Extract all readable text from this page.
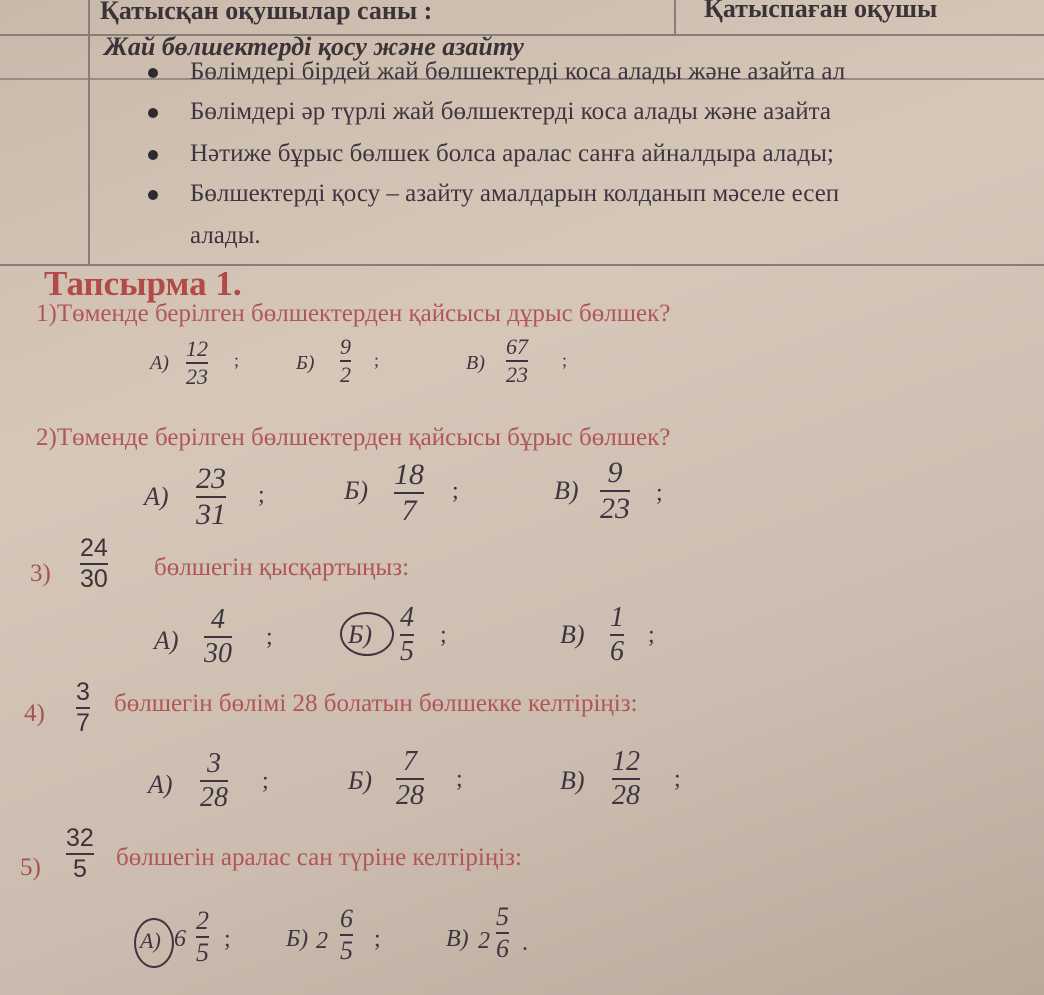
Қатысқан оқушылар саны :	Қатыспаған оқушы
Жай бөлшектерді қосу және азайту
Бөлімдері бірдей жай бөлшектерді коса алады және азайта ал
Бөлімдері әр түрлі жай бөлшектерді коса алады және азайта
Нәтиже бұрыс бөлшек болса аралас санға айналдыра алады;
Бөлшектерді қосу – азайту амалдарын колданып мәселе есеп
алады.
Тапсырма 1.
1)Төменде берілген бөлшектерден қайсысы дұрыс бөлшек?
А)
12
23
;	Б)
9
2
;	В)
67
23
;
2)Төменде берілген бөлшектерден қайсысы бұрыс бөлшек?
А)
23
31
;	Б) 18
7
;	В)
9
23 ;
3)
24
30 бөлшегін қысқартыңыз:
А)
4
30
;	Б)
4
5
;	В)
1
6
;
4)
3
7
бөлшегін бөлімі 28 болатын бөлшекке келтіріңіз:
А)
3
28
;	Б)
7
28
;	В)
12
28
;
5)
32
5 бөлшегін аралас сан түріне келтіріңіз:
А) 6
2
5 ; Б) 2
6
5 ;	В) 2
5
6 .
